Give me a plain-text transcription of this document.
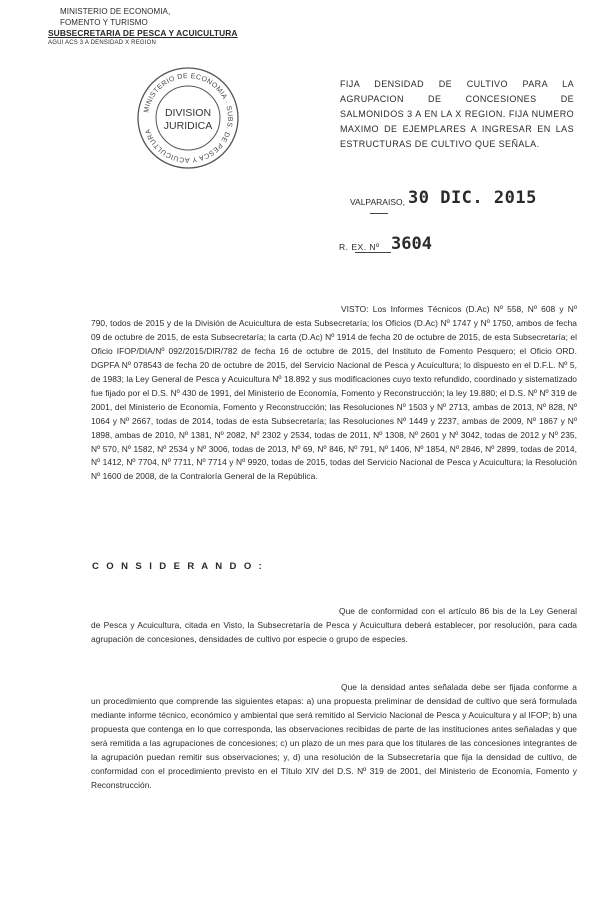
MINISTERIO DE ECONOMIA,
FOMENTO Y TURISMO
SUBSECRETARIA DE PESCA Y ACUICULTURA
AGUI ACS 3 A DENSIDAD X REGION
MINISTERIO DE ECONOMIA · SUBS. DE PESCA Y ACUICULTURA
DIVISION
JURIDICA
FIJA DENSIDAD DE CULTIVO PARA LA AGRUPACION DE CONCESIONES DE SALMONIDOS 3 A EN LA X REGION. FIJA NUMERO MAXIMO DE EJEMPLARES A INGRESAR EN LAS ESTRUCTURAS DE CULTIVO QUE SEÑALA.
VALPARAISO, 30 DIC. 2015
R. EX. Nº 3604
VISTO: Los Informes Técnicos (D.Ac) Nº 558, Nº 608 y Nº 790, todos de 2015 y de la División de Acuicultura de esta Subsecretaría; los Oficios (D.Ac) Nº 1747 y Nº 1750, ambos de fecha 09 de octubre de 2015, de esta Subsecretaría; la carta (D.Ac) Nº 1914 de fecha 20 de octubre de 2015, de esta Subsecretaría; el Oficio IFOP/DIA/Nº 092/2015/DIR/782 de fecha 16 de octubre de 2015, del Instituto de Fomento Pesquero; el Oficio ORD. DGPFA Nº 078543 de fecha 20 de octubre de 2015, del Servicio Nacional de Pesca y Acuicultura; lo dispuesto en el D.F.L. Nº 5, de 1983; la Ley General de Pesca y Acuicultura Nº 18.892 y sus modificaciones cuyo texto refundido, coordinado y sistematizado fue fijado por el D.S. Nº 430 de 1991, del Ministerio de Economía, Fomento y Reconstrucción; la ley 19.880; el D.S. Nº Nº 319 de 2001, del Ministerio de Economía, Fomento y Reconstrucción; las Resoluciones Nº 1503 y Nº 2713, ambas de 2013, Nº 828, Nº 1064 y Nº 2667, todas de 2014, todas de esta Subsecretaría; las Resoluciones Nº 1449 y 2237, ambas de 2009, Nº 1867 y Nº 1898, ambas de 2010, Nº 1381, Nº 2082, Nº 2302 y 2534, todas de 2011, Nº 1308, Nº 2601 y Nº 3042, todas de 2012 y Nº 235, Nº 570, Nº 1582, Nº 2534 y Nº 3006, todas de 2013, Nº 69, Nº 846, Nº 791, Nº 1406, Nº 1854, Nº 2846, Nº 2899, todas de 2014, Nº 1412, Nº 7704, Nº 7711, Nº 7714 y Nº 9920, todas de 2015, todas del Servicio Nacional de Pesca y Acuicultura; la Resolución Nº 1600 de 2008, de la Contraloría General de la República.
C O N S I D E R A N D O :
Que de conformidad con el artículo 86 bis de la Ley General de Pesca y Acuicultura, citada en Visto, la Subsecretaría de Pesca y Acuicultura deberá establecer, por resolución, para cada agrupación de concesiones, densidades de cultivo por especie o grupo de especies.
Que la densidad antes señalada debe ser fijada conforme a un procedimiento que comprende las siguientes etapas: a) una propuesta preliminar de densidad de cultivo que será formulada mediante informe técnico, económico y ambiental que será remitido al Servicio Nacional de Pesca y Acuicultura y al IFOP; b) una propuesta que contenga en lo que corresponda, las observaciones recibidas de parte de las instituciones antes señaladas y que será remitida a las agrupaciones de concesiones; c) un plazo de un mes para que los titulares de las concesiones integrantes de la agrupación puedan remitir sus observaciones; y, d) una resolución de la Subsecretaría que fija la densidad de cultivo, de conformidad con el procedimiento previsto en el Título XIV del D.S. Nº 319 de 2001, del Ministerio de Economía, Fomento y Reconstrucción.
